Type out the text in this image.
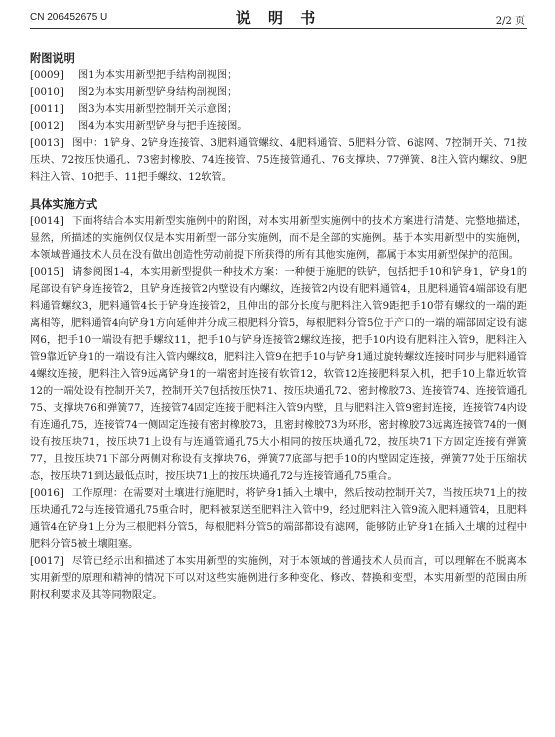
CN 206452675 U	说 明 书	2/2 页

附图说明

[0009]	图1为本实用新型把手结构剖视图；

[0010]	图2为本实用新型铲身结构剖视图；

[0011]	图3为本实用新型控制开关示意图；

[0012]	图4为本实用新型铲身与把手连接图。

[0013] 图中：1铲身、2铲身连接管、3肥料通管螺纹、4肥料通管、5肥料分管、6滤网、7控制开关、71按压块、72按压快通孔、73密封橡胶、74连接管、75连接管通孔、76支撑块、77弹簧、8注入管内螺纹、9肥料注入管、10把手、11把手螺纹、12软管。

具体实施方式

[0014] 下面将结合本实用新型实施例中的附图，对本实用新型实施例中的技术方案进行清楚、完整地描述，显然，所描述的实施例仅仅是本实用新型一部分实施例，而不是全部的实施例。基于本实用新型中的实施例，本领域普通技术人员在没有做出创造性劳动前提下所获得的所有其他实施例，都属于本实用新型保护的范围。

[0015] 请参阅图1-4，本实用新型提供一种技术方案：一种便于施肥的铁铲，包括把手10和铲身1，铲身1的尾部设有铲身连接管2，且铲身连接管2内壁设有内螺纹，连接管2内设有肥料通管4，且肥料通管4端部设有肥料通管螺纹3，肥料通管4长于铲身连接管2，且伸出的部分长度与肥料注入管9距把手10带有螺纹的一端的距离相等，肥料通管4向铲身1方向延伸并分成三根肥料分管5，每根肥料分管5位于产口的一端的端部固定设有滤网6，把手10一端设有把手螺纹11，把手10与铲身连接管2螺纹连接，把手10内设有肥料注入管9，肥料注入管9靠近铲身1的一端设有注入管内螺纹8，肥料注入管9在把手10与铲身1通过旋转螺纹连接时同步与肥料通管4螺纹连接，肥料注入管9远离铲身1的一端密封连接有软管12，软管12连接肥料泵入机，把手10上靠近软管12的一端处设有控制开关7，控制开关7包括按压快71、按压块通孔72、密封橡胶73、连接管74、连接管通孔75、支撑块76和弹簧77，连接管74固定连接于肥料注入管9内壁，且与肥料注入管9密封连接，连接管74内设有连通孔75，连接管74一侧固定连接有密封橡胶73，且密封橡胶73为环形，密封橡胶73远离连接管74的一侧设有按压块71，按压块71上设有与连通管通孔75大小相同的按压块通孔72，按压块71下方固定连接有弹簧77，且按压块71下部分两侧对称设有支撑块76，弹簧77底部与把手10的内壁固定连接，弹簧77处于压缩状态，按压块71到达最低点时，按压块71上的按压块通孔72与连接管通孔75重合。

[0016] 工作原理：在需要对土壤进行施肥时，将铲身1插入土壤中，然后按动控制开关7，当按压块71上的按压块通孔72与连接管通孔75重合时，肥料被泵送至肥料注入管中9，经过肥料注入管9流入肥料通管4，且肥料通管4在铲身1上分为三根肥料分管5，每根肥料分管5的端部都设有滤网，能够防止铲身1在插入土壤的过程中肥料分管5被土壤阻塞。

[0017] 尽管已经示出和描述了本实用新型的实施例，对于本领域的普通技术人员而言，可以理解在不脱离本实用新型的原理和精神的情况下可以对这些实施例进行多种变化、修改、替换和变型，本实用新型的范围由所附权利要求及其等同物限定。
